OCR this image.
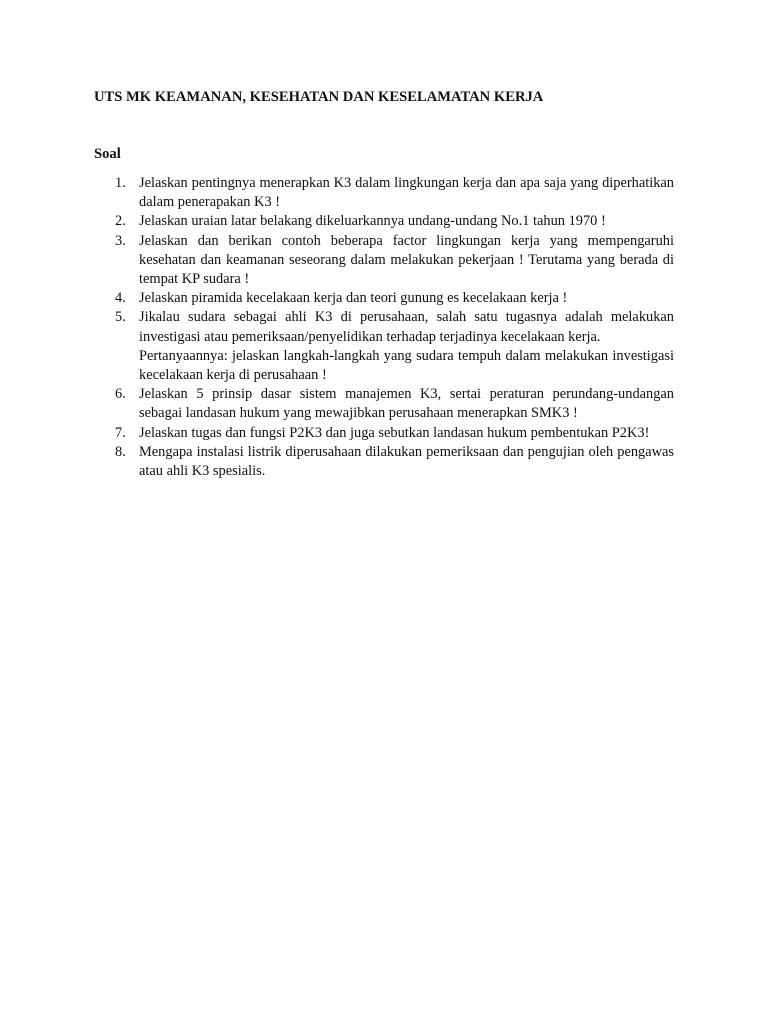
UTS MK KEAMANAN, KESEHATAN DAN KESELAMATAN KERJA
Soal
1. Jelaskan pentingnya menerapkan K3 dalam lingkungan kerja dan apa saja yang diperhatikan dalam penerapakan K3 !
2. Jelaskan uraian latar belakang dikeluarkannya undang-undang No.1 tahun 1970 !
3. Jelaskan dan berikan contoh beberapa factor lingkungan kerja yang mempengaruhi kesehatan dan keamanan seseorang dalam melakukan pekerjaan ! Terutama yang berada di tempat KP sudara !
4. Jelaskan piramida kecelakaan kerja dan teori gunung es kecelakaan kerja !
5. Jikalau sudara sebagai ahli K3 di perusahaan, salah satu tugasnya adalah melakukan investigasi atau pemeriksaan/penyelidikan terhadap terjadinya kecelakaan kerja.
Pertanyaannya: jelaskan langkah-langkah yang sudara tempuh dalam melakukan investigasi kecelakaan kerja di perusahaan !
6. Jelaskan 5 prinsip dasar sistem manajemen K3, sertai peraturan perundang-undangan sebagai landasan hukum yang mewajibkan perusahaan menerapkan SMK3 !
7. Jelaskan tugas dan fungsi P2K3 dan juga sebutkan landasan hukum pembentukan P2K3!
8. Mengapa instalasi listrik diperusahaan dilakukan pemeriksaan dan pengujian oleh pengawas atau ahli K3 spesialis.
